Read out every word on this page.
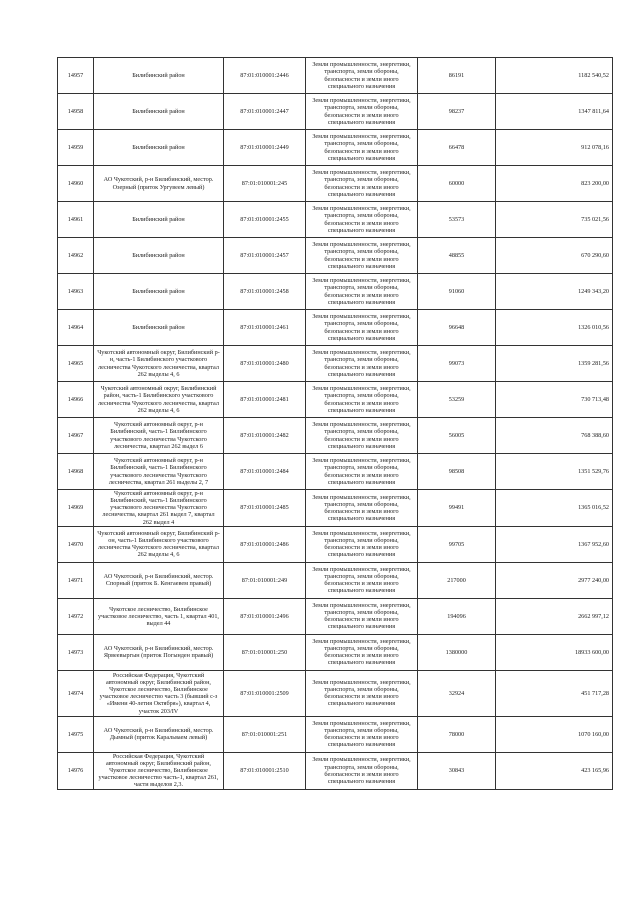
14957	Билибинский район	87:01:010001:2446	Земли промышленности, энергетики, транспорта, земли обороны, безопасности и земли иного специального назначения	86191	1182 540,52
14958	Билибинский район	87:01:010001:2447	Земли промышленности, энергетики, транспорта, земли обороны, безопасности и земли иного специального назначения	98237	1347 811,64
14959	Билибинский район	87:01:010001:2449	Земли промышленности, энергетики, транспорта, земли обороны, безопасности и земли иного специального назначения	66478	912 078,16
14960	АО Чукотский, р-н Билибинский, местор. Озерный (приток Ургувеем левый)	87:01:010001:245	Земли промышленности, энергетики, транспорта, земли обороны, безопасности и земли иного специального назначения	60000	823 200,00
14961	Билибинский район	87:01:010001:2455	Земли промышленности, энергетики, транспорта, земли обороны, безопасности и земли иного специального назначения	53573	735 021,56
14962	Билибинский район	87:01:010001:2457	Земли промышленности, энергетики, транспорта, земли обороны, безопасности и земли иного специального назначения	48855	670 290,60
14963	Билибинский район	87:01:010001:2458	Земли промышленности, энергетики, транспорта, земли обороны, безопасности и земли иного специального назначения	91060	1249 343,20
14964	Билибинский район	87:01:010001:2461	Земли промышленности, энергетики, транспорта, земли обороны, безопасности и земли иного специального назначения	96648	1326 010,56
14965	Чукотский автономный округ, Билибинский р-н, часть-1 Билибинского участкового лесничества Чукотского лесничества, квартал 262 выделы 4, 6	87:01:010001:2480	Земли промышленности, энергетики, транспорта, земли обороны, безопасности и земли иного специального назначения	99073	1359 281,56
14966	Чукотский автономный округ, Билибинский район, часть-1 Билибинского участкового лесничества Чукотского лесничества, квартал 262 выделы 4, 6	87:01:010001:2481	Земли промышленности, энергетики, транспорта, земли обороны, безопасности и земли иного специального назначения	53259	730 713,48
14967	Чукотский автономный округ, р-н Билибинский, часть-1 Билибинского участкового лесничества Чукотского лесничества, квартал 262 выдел 6	87:01:010001:2482	Земли промышленности, энергетики, транспорта, земли обороны, безопасности и земли иного специального назначения	56005	768 388,60
14968	Чукотский автономный округ, р-н Билибинский, часть-1 Билибинского участкового лесничества Чукотского лесничества, квартал 261 выделы 2, 7	87:01:010001:2484	Земли промышленности, энергетики, транспорта, земли обороны, безопасности и земли иного специального назначения	98508	1351 529,76
14969	Чукотский автономный округ, р-н Билибинский, часть-1 Билибинского участкового лесничества Чукотского лесничества, квартал 261 выдел 7, квартал 262 выдел 4	87:01:010001:2485	Земли промышленности, энергетики, транспорта, земли обороны, безопасности и земли иного специального назначения	99491	1365 016,52
14970	Чукотский автономный округ, Билибинский р-он, часть-1 Билибинского участкового лесничества Чукотского лесничества, квартал 262 выделы 4, 6	87:01:010001:2486	Земли промышленности, энергетики, транспорта, земли обороны, безопасности и земли иного специального назначения	99705	1367 952,60
14971	АО Чукотский, р-н Билибинский, местор. Спорный (приток Б. Кенгаевем правый)	87:01:010001:249	Земли промышленности, энергетики, транспорта, земли обороны, безопасности и земли иного специального назначения	217000	2977 240,00
14972	Чукотское лесничество, Билибинское участковое лесничество, часть 1, квартал 401, выдел 44	87:01:010001:2496	Земли промышленности, энергетики, транспорта, земли обороны, безопасности и земли иного специального назначения	194096	2662 997,12
14973	АО Чукотский, р-н Билибинский, местор. Ярвеевыргын (приток Погынден правый)	87:01:010001:250	Земли промышленности, энергетики, транспорта, земли обороны, безопасности и земли иного специального назначения	1380000	18933 600,00
14974	Российская Федерация, Чукотский автономный округ, Билибинский район, Чукотское лесничество, Билибинское участковое лесничество часть 3 (бывший с-з «Имени 40-летия Октября»), квартал 4, участок 203/IV	87:01:010001:2509	Земли промышленности, энергетики, транспорта, земли обороны, безопасности и земли иного специального назначения	32924	451 717,28
14975	АО Чукотский, р-н Билибинский, местор. Дымный (приток Каральваем левый)	87:01:010001:251	Земли промышленности, энергетики, транспорта, земли обороны, безопасности и земли иного специального назначения	78000	1070 160,00
14976	Российская Федерация, Чукотский автономный округ, Билибинский район, Чукотское лесничество, Билибинское участковое лесничество часть-1, квартал 261, части выделов 2,3.	87:01:010001:2510	Земли промышленности, энергетики, транспорта, земли обороны, безопасности и земли иного специального назначения	30843	423 165,96
